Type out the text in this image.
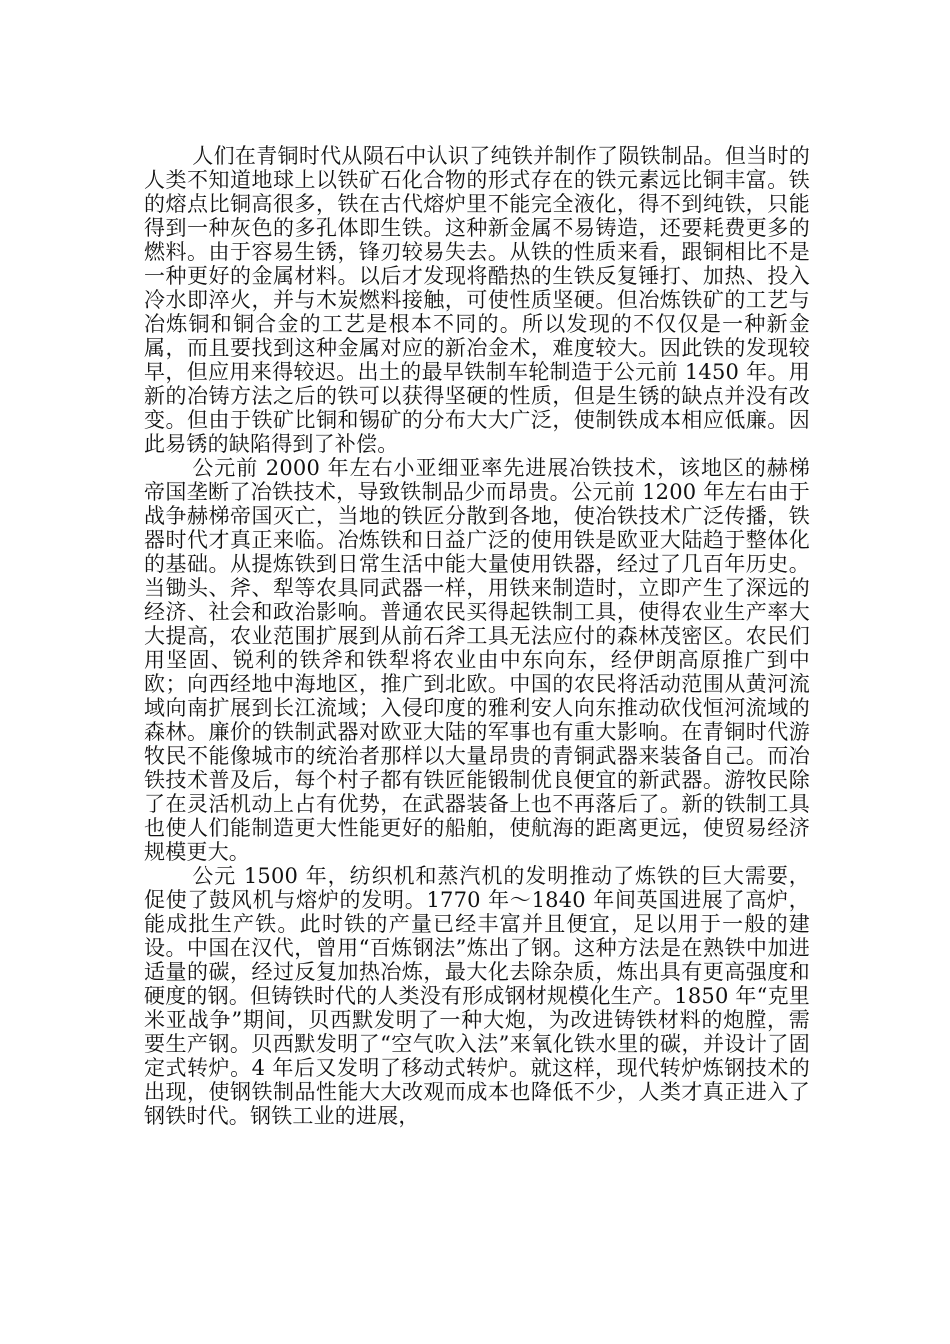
人们在青铜时代从陨石中认识了纯铁并制作了陨铁制品。但当时的人类不知道地球上以铁矿石化合物的形式存在的铁元素远比铜丰富。铁的熔点比铜高很多，铁在古代熔炉里不能完全液化，得不到纯铁，只能得到一种灰色的多孔体即生铁。这种新金属不易铸造，还要耗费更多的燃料。由于容易生锈，锋刃较易失去。从铁的性质来看，跟铜相比不是一种更好的金属材料。以后才发现将酷热的生铁反复锤打、加热、投入冷水即淬火，并与木炭燃料接触，可使性质坚硬。但冶炼铁矿的工艺与冶炼铜和铜合金的工艺是根本不同的。所以发现的不仅仅是一种新金属，而且要找到这种金属对应的新冶金术，难度较大。因此铁的发现较早，但应用来得较迟。出土的最早铁制车轮制造于公元前 1450 年。用新的冶铸方法之后的铁可以获得坚硬的性质，但是生锈的缺点并没有改变。但由于铁矿比铜和锡矿的分布大大广泛，使制铁成本相应低廉。因此易锈的缺陷得到了补偿。

公元前 2000 年左右小亚细亚率先进展冶铁技术，该地区的赫梯帝国垄断了冶铁技术，导致铁制品少而昂贵。公元前 1200 年左右由于战争赫梯帝国灭亡，当地的铁匠分散到各地，使冶铁技术广泛传播，铁器时代才真正来临。冶炼铁和日益广泛的使用铁是欧亚大陆趋于整体化的基础。从提炼铁到日常生活中能大量使用铁器，经过了几百年历史。当锄头、斧、犁等农具同武器一样，用铁来制造时，立即产生了深远的经济、社会和政治影响。普通农民买得起铁制工具，使得农业生产率大大提高，农业范围扩展到从前石斧工具无法应付的森林茂密区。农民们用坚固、锐利的铁斧和铁犁将农业由中东向东，经伊朗高原推广到中欧；向西经地中海地区，推广到北欧。中国的农民将活动范围从黄河流域向南扩展到长江流域；入侵印度的雅利安人向东推动砍伐恒河流域的森林。廉价的铁制武器对欧亚大陆的军事也有重大影响。在青铜时代游牧民不能像城市的统治者那样以大量昂贵的青铜武器来装备自己。而冶铁技术普及后，每个村子都有铁匠能锻制优良便宜的新武器。游牧民除了在灵活机动上占有优势，在武器装备上也不再落后了。新的铁制工具也使人们能制造更大性能更好的船舶，使航海的距离更远，使贸易经济规模更大。

公元 1500 年，纺织机和蒸汽机的发明推动了炼铁的巨大需要，促使了鼓风机与熔炉的发明。1770 年～1840 年间英国进展了高炉，能成批生产铁。此时铁的产量已经丰富并且便宜，足以用于一般的建设。中国在汉代，曾用“百炼钢法”炼出了钢。这种方法是在熟铁中加进适量的碳，经过反复加热冶炼，最大化去除杂质，炼出具有更高强度和硬度的钢。但铸铁时代的人类没有形成钢材规模化生产。1850 年“克里米亚战争”期间，贝西默发明了一种大炮，为改进铸铁材料的炮膛，需要生产钢。贝西默发明了“空气吹入法”来氧化铁水里的碳，并设计了固定式转炉。4 年后又发明了移动式转炉。就这样，现代转炉炼钢技术的出现，使钢铁制品性能大大改观而成本也降低不少，人类才真正进入了钢铁时代。钢铁工业的进展，
